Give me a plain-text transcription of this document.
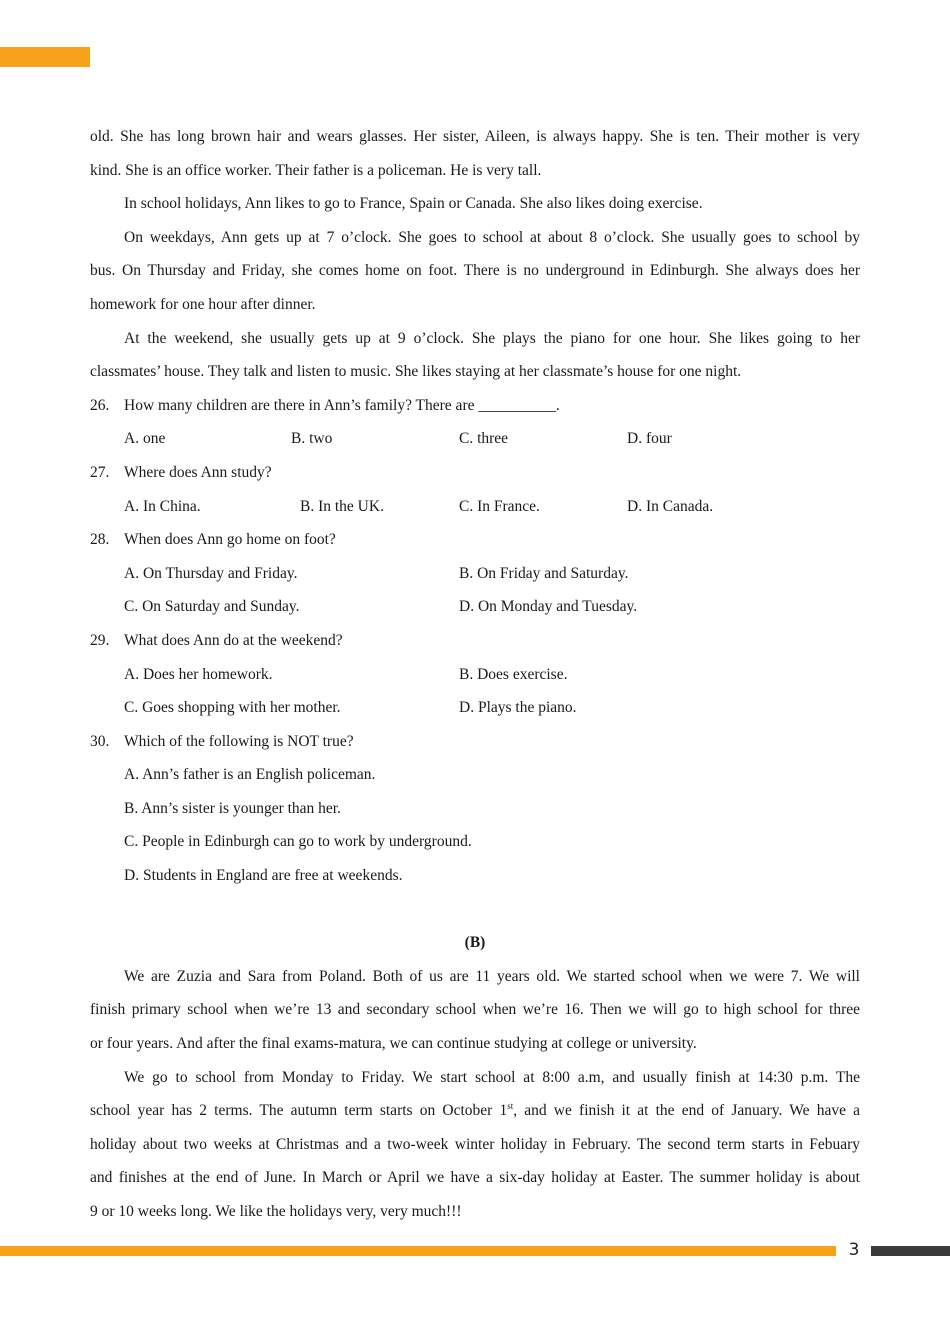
old. She has long brown hair and wears glasses. Her sister, Aileen, is always happy. She is ten. Their mother is very
kind. She is an office worker. Their father is a policeman. He is very tall.
In school holidays, Ann likes to go to France, Spain or Canada. She also likes doing exercise.
On weekdays, Ann gets up at 7 o’clock. She goes to school at about 8 o’clock. She usually goes to school by
bus. On Thursday and Friday, she comes home on foot. There is no underground in Edinburgh. She always does her
homework for one hour after dinner.
At the weekend, she usually gets up at 9 o’clock. She plays the piano for one hour. She likes going to her
classmates’ house. They talk and listen to music. She likes staying at her classmate’s house for one night.
26. How many children are there in Ann’s family? There are __________.
A. one	B. two	C. three	D. four
27. Where does Ann study?
A. In China.	B. In the UK.	C. In France.	D. In Canada.
28. When does Ann go home on foot?
A. On Thursday and Friday.	B. On Friday and Saturday.
C. On Saturday and Sunday.	D. On Monday and Tuesday.
29. What does Ann do at the weekend?
A. Does her homework.	B. Does exercise.
C. Goes shopping with her mother.	D. Plays the piano.
30. Which of the following is NOT true?
A. Ann’s father is an English policeman.
B. Ann’s sister is younger than her.
C. People in Edinburgh can go to work by underground.
D. Students in England are free at weekends.
(B)
We are Zuzia and Sara from Poland. Both of us are 11 years old. We started school when we were 7. We will
finish primary school when we’re 13 and secondary school when we’re 16. Then we will go to high school for three
or four years. And after the final exams-matura, we can continue studying at college or university.
We go to school from Monday to Friday. We start school at 8:00 a.m, and usually finish at 14:30 p.m. The
school year has 2 terms. The autumn term starts on October 1st, and we finish it at the end of January. We have a
holiday about two weeks at Christmas and a two-week winter holiday in February. The second term starts in Febuary
and finishes at the end of June. In March or April we have a six-day holiday at Easter. The summer holiday is about
9 or 10 weeks long. We like the holidays very, very much!!!
3
